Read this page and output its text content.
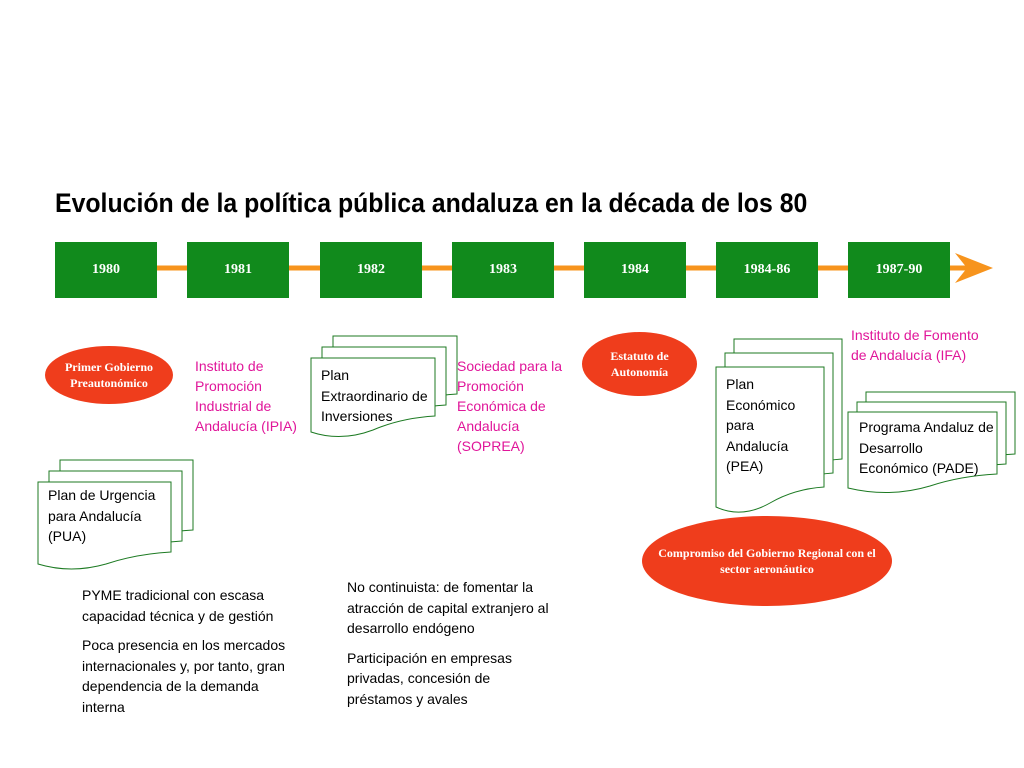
Evolución de la política pública andaluza en la década de los 80
1980	1981	1982	1983	1984	1984-86	1987-90
Primer Gobierno Preautonómico
Estatuto de Autonomía
Compromiso del Gobierno Regional con el sector aeronáutico
Instituto de Promoción Industrial de Andalucía (IPIA)
Sociedad para la Promoción Económica de Andalucía (SOPREA)
Instituto de Fomento de Andalucía (IFA)
Plan de Urgencia para Andalucía (PUA)
Plan Extraordinario de Inversiones
Plan Económico para Andalucía (PEA)
Programa Andaluz de Desarrollo Económico (PADE)

PYME tradicional con escasa capacidad técnica y de gestión

Poca presencia en los mercados internacionales y, por tanto, gran dependencia de la demanda interna

No continuista: de fomentar la atracción de capital extranjero al desarrollo endógeno

Participación en empresas privadas, concesión de préstamos y avales
